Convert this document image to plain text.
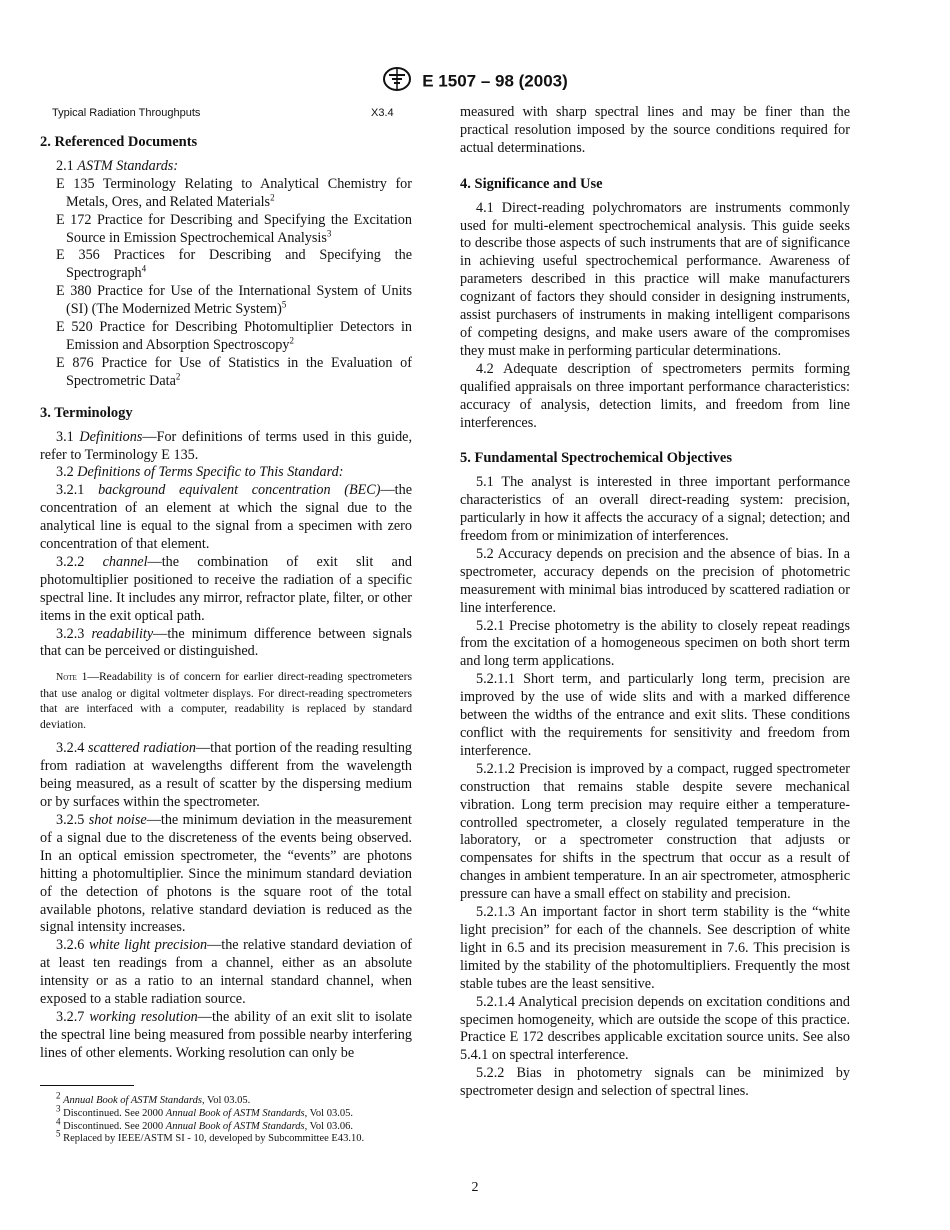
E 1507 – 98 (2003)
Typical Radiation Throughputs	X3.4
2. Referenced Documents

2.1 ASTM Standards:

E 135 Terminology Relating to Analytical Chemistry for Metals, Ores, and Related Materials$^2$

E 172 Practice for Describing and Specifying the Excitation Source in Emission Spectrochemical Analysis$^3$

E 356 Practices for Describing and Specifying the Spectrograph$^4$

E 380 Practice for Use of the International System of Units (SI) (The Modernized Metric System)$^5$

E 520 Practice for Describing Photomultiplier Detectors in Emission and Absorption Spectroscopy$^2$

E 876 Practice for Use of Statistics in the Evaluation of Spectrometric Data$^2$

3. Terminology

3.1 Definitions—For definitions of terms used in this guide, refer to Terminology E 135.

3.2 Definitions of Terms Specific to This Standard:

3.2.1 background equivalent concentration (BEC)—the concentration of an element at which the signal due to the analytical line is equal to the signal from a specimen with zero concentration of that element.

3.2.2 channel—the combination of exit slit and photomultiplier positioned to receive the radiation of a specific spectral line. It includes any mirror, refractor plate, filter, or other items in the exit optical path.

3.2.3 readability—the minimum difference between signals that can be perceived or distinguished.

Note 1—Readability is of concern for earlier direct-reading spectrometers that use analog or digital voltmeter displays. For direct-reading spectrometers that are interfaced with a computer, readability is replaced by standard deviation.

3.2.4 scattered radiation—that portion of the reading resulting from radiation at wavelengths different from the wavelength being measured, as a result of scatter by the dispersing medium or by surfaces within the spectrometer.

3.2.5 shot noise—the minimum deviation in the measurement of a signal due to the discreteness of the events being observed. In an optical emission spectrometer, the “events” are photons hitting a photomultiplier. Since the minimum standard deviation of the detection of photons is the square root of the total available photons, relative standard deviation is reduced as the signal intensity increases.

3.2.6 white light precision—the relative standard deviation of at least ten readings from a channel, either as an absolute intensity or as a ratio to an internal standard channel, when exposed to a stable radiation source.

3.2.7 working resolution—the ability of an exit slit to isolate the spectral line being measured from possible nearby interfering lines of other elements. Working resolution can only be

measured with sharp spectral lines and may be finer than the practical resolution imposed by the source conditions required for actual determinations.

4. Significance and Use

4.1 Direct-reading polychromators are instruments commonly used for multi-element spectrochemical analysis. This guide seeks to describe those aspects of such instruments that are of significance in achieving useful spectrochemical performance. Awareness of parameters described in this practice will make manufacturers cognizant of factors they should consider in designing instruments, assist purchasers of instruments in making intelligent comparisons of competing designs, and make users aware of the compromises they must make in performing particular determinations.

4.2 Adequate description of spectrometers permits forming qualified appraisals on three important performance characteristics: accuracy of analysis, detection limits, and freedom from line interferences.

5. Fundamental Spectrochemical Objectives

5.1 The analyst is interested in three important performance characteristics of an overall direct-reading system: precision, particularly in how it affects the accuracy of a signal; detection; and freedom from or minimization of interferences.

5.2 Accuracy depends on precision and the absence of bias. In a spectrometer, accuracy depends on the precision of photometric measurement with minimal bias introduced by scattered radiation or line interference.

5.2.1 Precise photometry is the ability to closely repeat readings from the excitation of a homogeneous specimen on both short term and long term applications.

5.2.1.1 Short term, and particularly long term, precision are improved by the use of wide slits and with a marked difference between the widths of the entrance and exit slits. These conditions conflict with the requirements for sensitivity and freedom from interference.

5.2.1.2 Precision is improved by a compact, rugged spectrometer construction that remains stable despite severe mechanical vibration. Long term precision may require either a temperature-controlled spectrometer, a closely regulated temperature in the laboratory, or a spectrometer construction that adjusts or compensates for shifts in the spectrum that occur as a result of changes in ambient temperature. In an air spectrometer, atmospheric pressure can have a small effect on stability and precision.

5.2.1.3 An important factor in short term stability is the “white light precision” for each of the channels. See description of white light in 6.5 and its precision measurement in 7.6. This precision is limited by the stability of the photomultipliers. Frequently the most stable tubes are the least sensitive.

5.2.1.4 Analytical precision depends on excitation conditions and specimen homogeneity, which are outside the scope of this practice. Practice E 172 describes applicable excitation source units. See also 5.4.1 on spectral interference.

5.2.2 Bias in photometry signals can be minimized by spectrometer design and selection of spectral lines.

$^2$ Annual Book of ASTM Standards, Vol 03.05.
$^3$ Discontinued. See 2000 Annual Book of ASTM Standards, Vol 03.05.
$^4$ Discontinued. See 2000 Annual Book of ASTM Standards, Vol 03.06.
$^5$ Replaced by IEEE/ASTM SI - 10, developed by Subcommittee E43.10.
2
